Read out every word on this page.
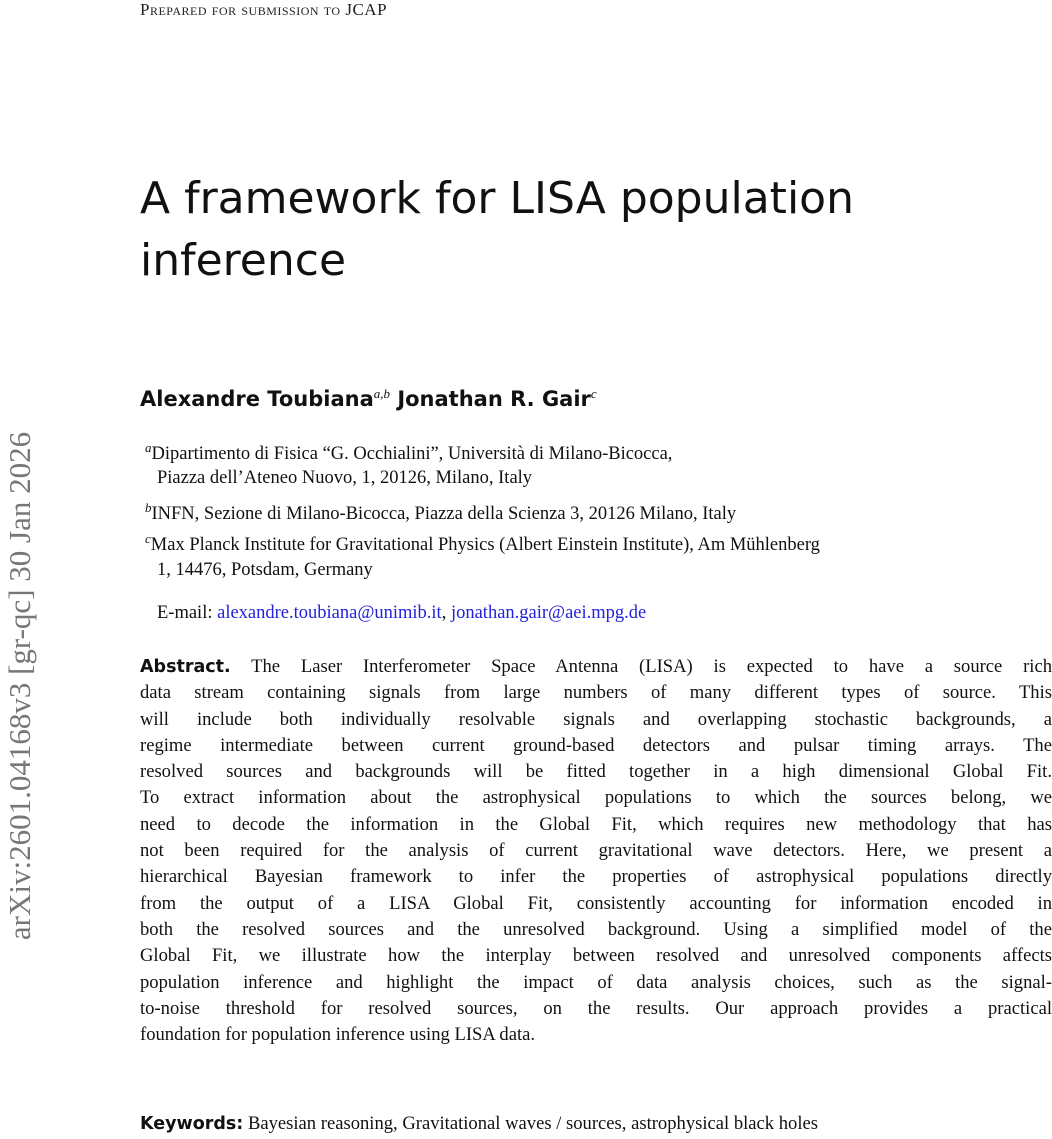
Prepared for submission to JCAP
arXiv:2601.04168v3 [gr-qc] 30 Jan 2026
A framework for LISA population
inference
Alexandre Toubiana$^{a,b}$ Jonathan R. Gair$^c$
$^a$Dipartimento di Fisica “G. Occhialini”, Università di Milano-Bicocca,
Piazza dell’Ateneo Nuovo, 1, 20126, Milano, Italy
$^b$INFN, Sezione di Milano-Bicocca, Piazza della Scienza 3, 20126 Milano, Italy
$^c$Max Planck Institute for Gravitational Physics (Albert Einstein Institute), Am Mühlenberg
1, 14476, Potsdam, Germany
E-mail: alexandre.toubiana@unimib.it, jonathan.gair@aei.mpg.de
Abstract. The Laser Interferometer Space Antenna (LISA) is expected to have a source rich
data stream containing signals from large numbers of many different types of source. This
will include both individually resolvable signals and overlapping stochastic backgrounds, a
regime intermediate between current ground-based detectors and pulsar timing arrays. The
resolved sources and backgrounds will be fitted together in a high dimensional Global Fit.
To extract information about the astrophysical populations to which the sources belong, we
need to decode the information in the Global Fit, which requires new methodology that has
not been required for the analysis of current gravitational wave detectors. Here, we present a
hierarchical Bayesian framework to infer the properties of astrophysical populations directly
from the output of a LISA Global Fit, consistently accounting for information encoded in
both the resolved sources and the unresolved background. Using a simplified model of the
Global Fit, we illustrate how the interplay between resolved and unresolved components affects
population inference and highlight the impact of data analysis choices, such as the signal-
to-noise threshold for resolved sources, on the results. Our approach provides a practical
foundation for population inference using LISA data.
Keywords: Bayesian reasoning, Gravitational waves / sources, astrophysical black holes
